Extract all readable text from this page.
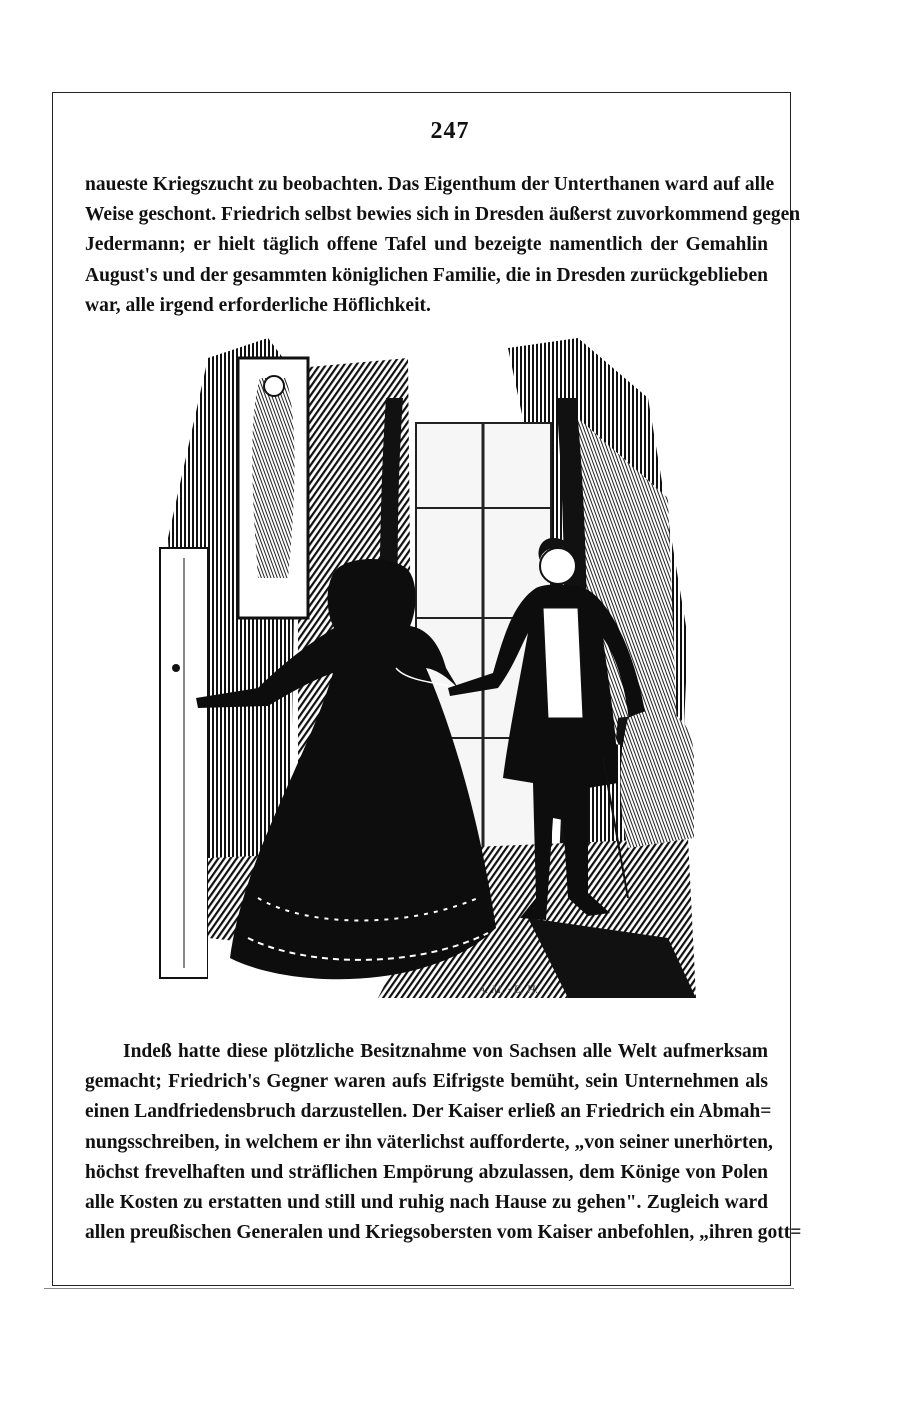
247
naueste Kriegszucht zu beobachten. Das Eigenthum der Unterthanen ward auf alle
Weise geschont. Friedrich selbst bewies sich in Dresden äußerst zuvorkommend gegen
Jedermann; er hielt täglich offene Tafel und bezeigte namentlich der Gemahlin
August's und der gesammten königlichen Familie, die in Dresden zurückgeblieben
war, alle irgend erforderliche Höflichkeit.
A. M. · E. H.
Indeß hatte diese plötzliche Besitznahme von Sachsen alle Welt aufmerksam
gemacht; Friedrich's Gegner waren aufs Eifrigste bemüht, sein Unternehmen als
einen Landfriedensbruch darzustellen. Der Kaiser erließ an Friedrich ein Abmah=
nungsschreiben, in welchem er ihn väterlichst aufforderte, „von seiner unerhörten,
höchst frevelhaften und sträflichen Empörung abzulassen, dem Könige von Polen
alle Kosten zu erstatten und still und ruhig nach Hause zu gehen". Zugleich ward
allen preußischen Generalen und Kriegsobersten vom Kaiser anbefohlen, „ihren gott=
